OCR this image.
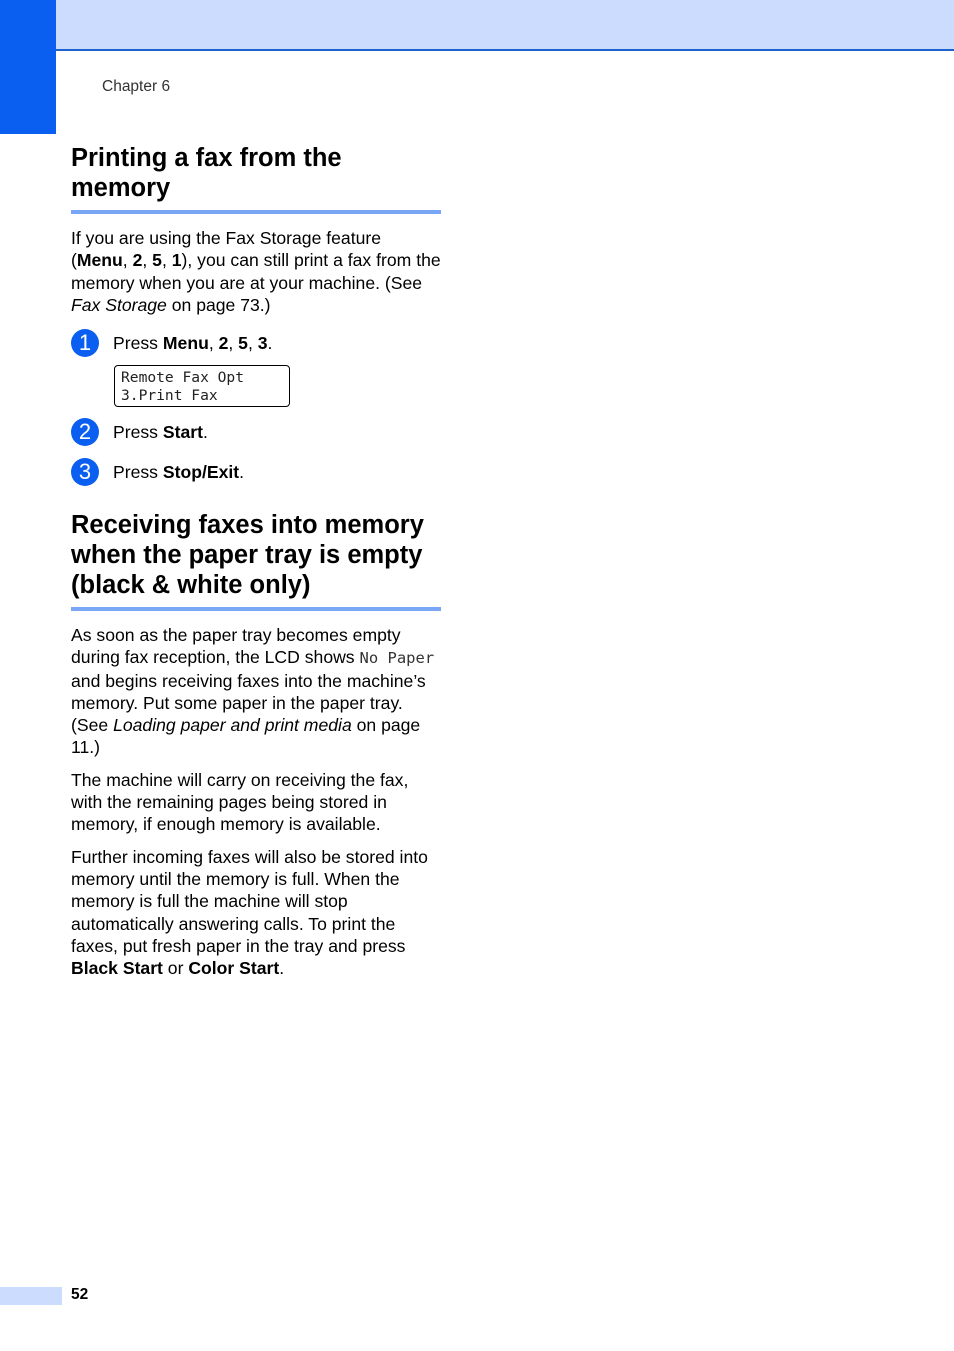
Chapter 6
Printing a fax from the memory

If you are using the Fax Storage feature (Menu, 2, 5, 1), you can still print a fax from the memory when you are at your machine. (See Fax Storage on page 73.)

1	Press Menu, 2, 5, 3.
Remote Fax Opt
3.Print Fax
2	Press Start.
3	Press Stop/Exit.
Receiving faxes into memory when the paper tray is empty (black & white only)

As soon as the paper tray becomes empty during fax reception, the LCD shows No Paper and begins receiving faxes into the machine’s memory. Put some paper in the paper tray. (See Loading paper and print media on page 11.)

The machine will carry on receiving the fax, with the remaining pages being stored in memory, if enough memory is available.

Further incoming faxes will also be stored into memory until the memory is full. When the memory is full the machine will stop automatically answering calls. To print the faxes, put fresh paper in the tray and press Black Start or Color Start.

52
